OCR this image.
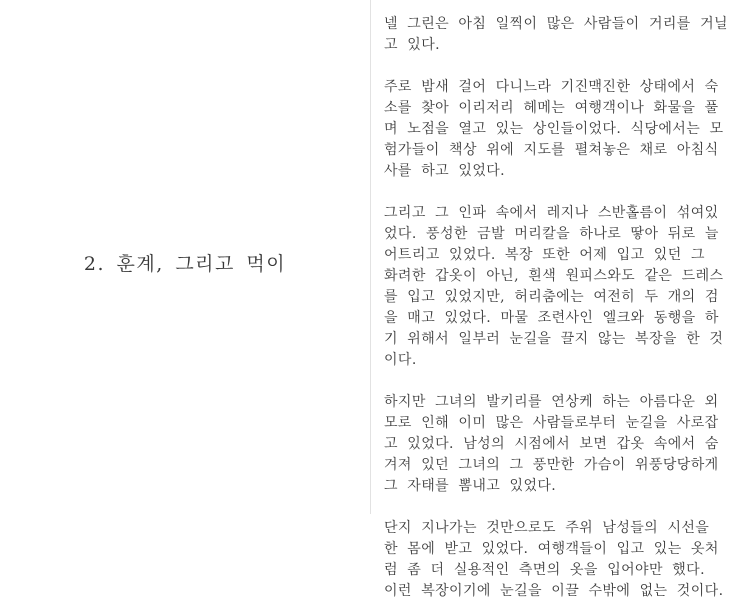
2. 훈계, 그리고 먹이

넬 그린은 아침 일찍이 많은 사람들이 거리를 거닐고 있다.

주로 밤새 걸어 다니느라 기진맥진한 상태에서 숙소를 찾아 이리저리 헤메는 여행객이나 화물을 풀며 노점을 열고 있는 상인들이었다. 식당에서는 모험가들이 책상 위에 지도를 펼쳐놓은 채로 아침식사를 하고 있었다.

그리고 그 인파 속에서 레지나 스반홀름이 섞여있었다. 풍성한 금발 머리칼을 하나로 땋아 뒤로 늘어트리고 있었다. 복장 또한 어제 입고 있던 그 화려한 갑옷이 아닌, 흰색 원피스와도 같은 드레스를 입고 있었지만, 허리춤에는 여전히 두 개의 검을 매고 있었다. 마물 조련사인 엘크와 동행을 하기 위해서 일부러 눈길을 끌지 않는 복장을 한 것이다.

하지만 그녀의 발키리를 연상케 하는 아름다운 외모로 인해 이미 많은 사람들로부터 눈길을 사로잡고 있었다. 남성의 시점에서 보면 갑옷 속에서 숨겨져 있던 그녀의 그 풍만한 가슴이 위풍당당하게 그 자태를 뽐내고 있었다.

단지 지나가는 것만으로도 주위 남성들의 시선을 한 몸에 받고 있었다. 여행객들이 입고 있는 옷처럼 좀 더 실용적인 측면의 옷을 입어야만 했다. 이런 복장이기에 눈길을 이끌 수밖에 없는 것이다.
